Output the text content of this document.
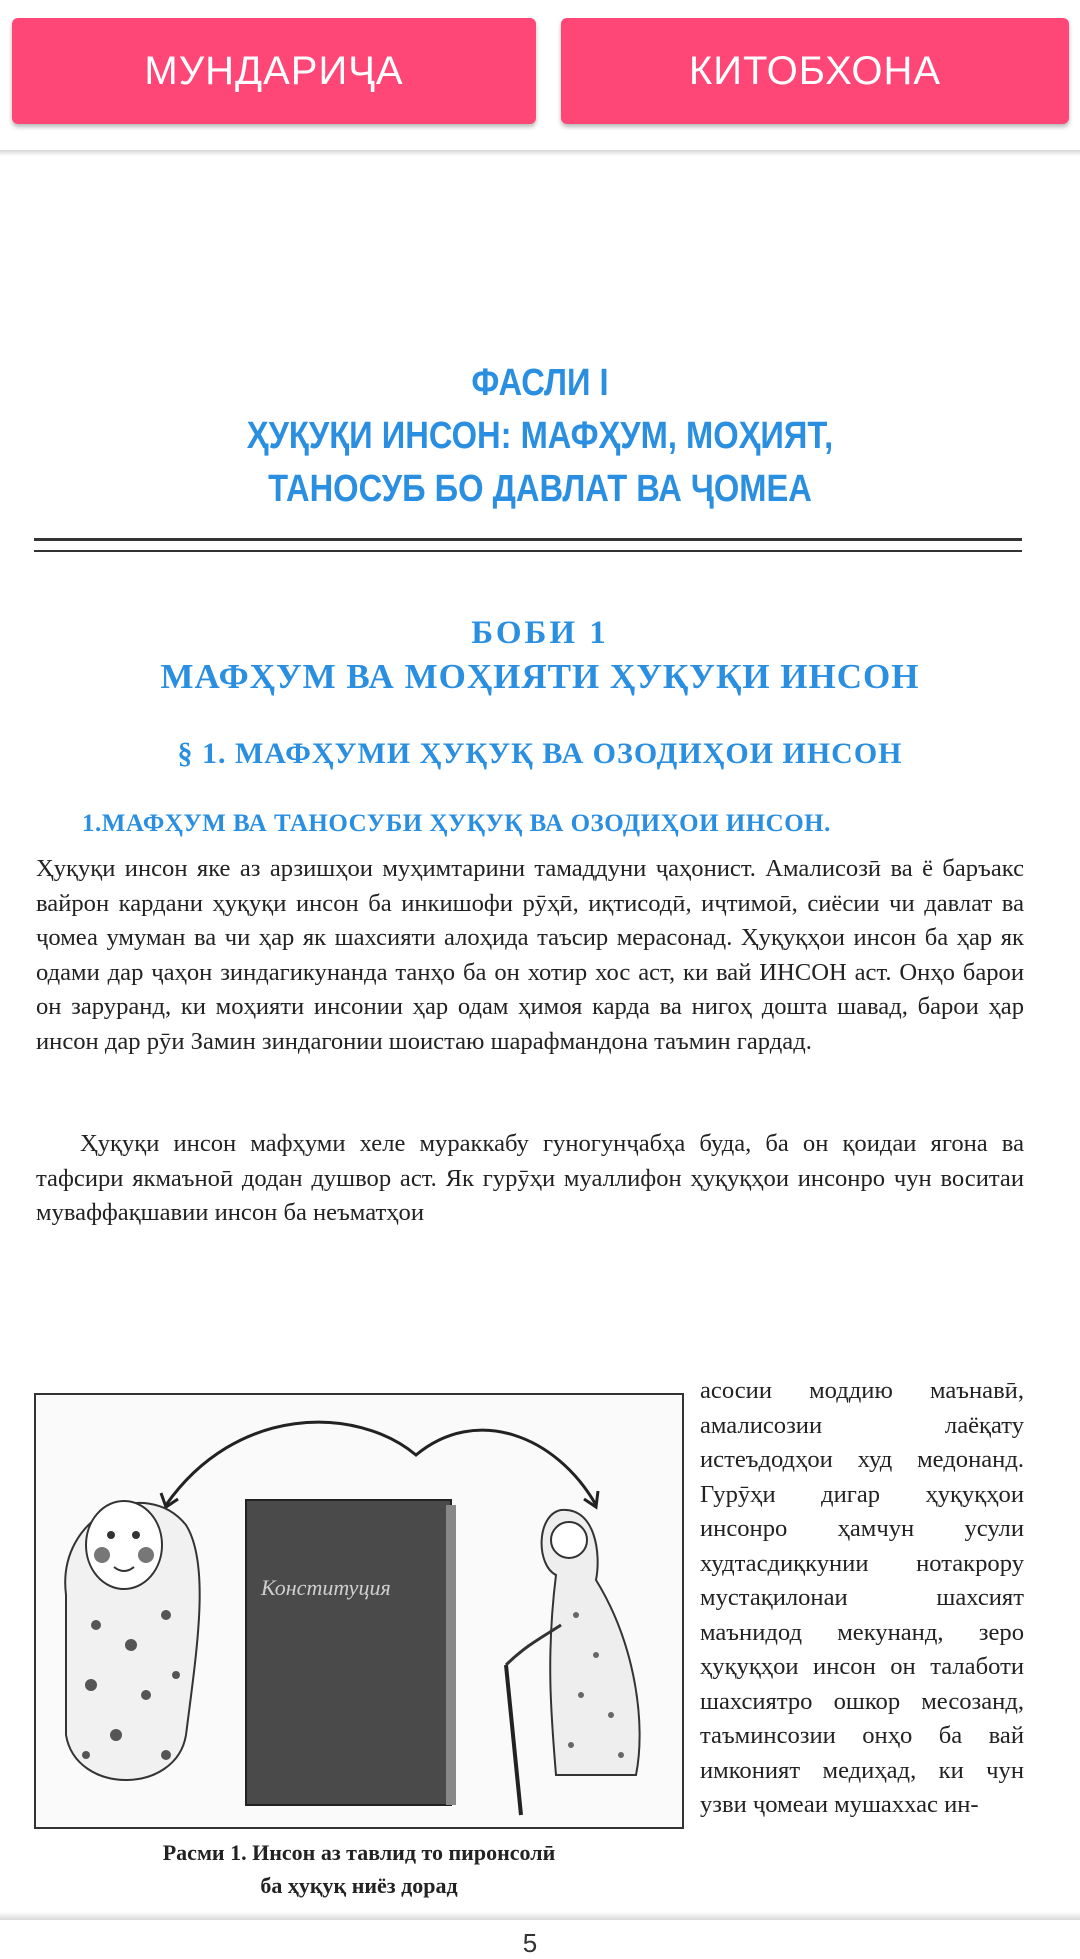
МУНДАРИҶА	КИТОБХОНА
ФАСЛИ I
ҲУҚУҚИ ИНСОН: МАФҲУМ, МОҲИЯТ,
ТАНОСУБ БО ДАВЛАТ ВА ҶОМЕА
БОБИ 1
МАФҲУМ ВА МОҲИЯТИ ҲУҚУҚИ ИНСОН
§ 1. МАФҲУМИ ҲУҚУҚ ВА ОЗОДИҲОИ ИНСОН
1.МАФҲУМ ВА ТАНОСУБИ ҲУҚУҚ ВА ОЗОДИҲОИ ИНСОН.
Ҳуқуқи инсон яке аз арзишҳои муҳимтарини тамаддуни ҷаҳонист. Амалисозӣ ва ё баръакс вайрон кардани ҳуқуқи инсон ба инкишофи рӯҳӣ, иқтисодӣ, иҷтимоӣ, сиёсии чи давлат ва ҷомеа умуман ва чи ҳар як шахсияти алоҳида таъсир мерасонад. Ҳуқуқҳои инсон ба ҳар як одами дар ҷаҳон зиндагикунанда танҳо ба он хотир хос аст, ки вай ИНСОН аст. Онҳо барои он заруранд, ки моҳияти инсонии ҳар одам ҳимоя карда ва нигоҳ дошта шавад, барои ҳар инсон дар рӯи Замин зиндагонии шоистаю шарафмандона таъмин гардад.
Ҳуқуқи инсон мафҳуми хеле мураккабу гуногунҷабҳа буда, ба он қоидаи ягона ва тафсири якмаъноӣ додан душвор аст. Як гурӯҳи муаллифон ҳуқуқҳои инсонро чун воситаи муваффақшавии инсон ба неъматҳои
Конституция
Расми 1. Инсон аз тавлид то пиронсолӣ
ба ҳуқуқ ниёз дорад
асосии моддию маънавӣ, амалисозии лаёқату истеъдодҳои худ медонанд. Гурӯҳи дигар ҳуқуқҳои инсонро ҳамчун усули худтасдиқкунии нотакрору мустақилонаи шахсият маънидод мекунанд, зеро ҳуқуқҳои инсон он талаботи шахсиятро ошкор месозанд, таъминсозии онҳо ба вай имконият медиҳад, ки чун узви ҷомеаи мушаххас ин-
5
